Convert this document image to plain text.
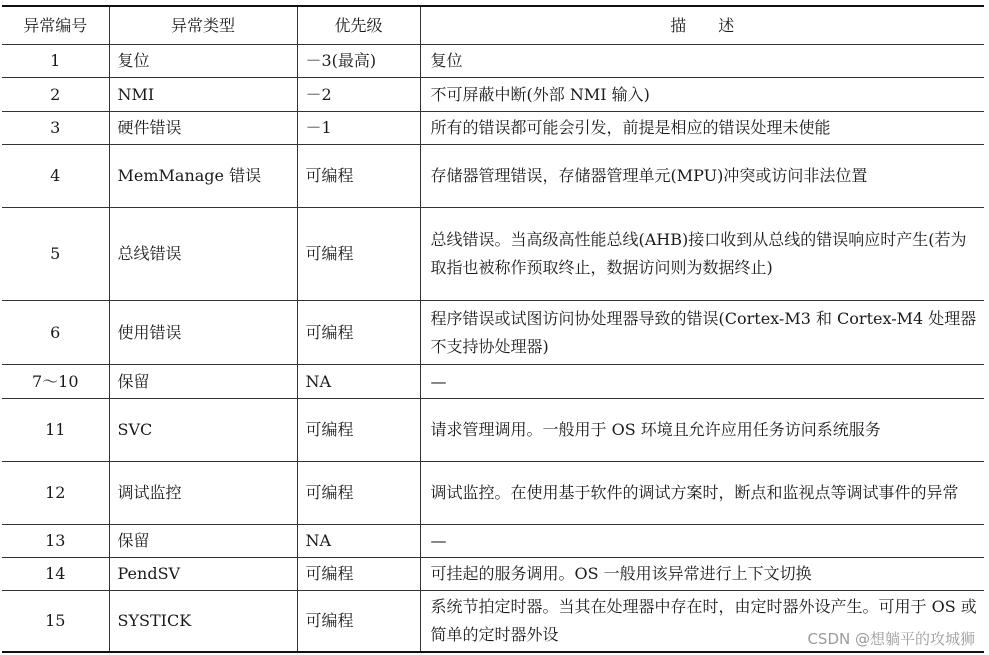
异常编号	异常类型	优先级	描　　述
1	复位	－3(最高)	复位
2	NMI	－2	不可屏蔽中断(外部 NMI 输入)
3	硬件错误	－1	所有的错误都可能会引发，前提是相应的错误处理未使能
4	MemManage 错误	可编程	存储器管理错误，存储器管理单元(MPU)冲突或访问非法位置
5	总线错误	可编程	总线错误。当高级高性能总线(AHB)接口收到从总线的错误响应时产生(若为取指也被称作预取终止，数据访问则为数据终止)
6	使用错误	可编程	程序错误或试图访问协处理器导致的错误(Cortex-M3 和 Cortex-M4 处理器不支持协处理器)
7～10	保留	NA	—
11	SVC	可编程	请求管理调用。一般用于 OS 环境且允许应用任务访问系统服务
12	调试监控	可编程	调试监控。在使用基于软件的调试方案时，断点和监视点等调试事件的异常
13	保留	NA	—
14	PendSV	可编程	可挂起的服务调用。OS 一般用该异常进行上下文切换
15	SYSTICK	可编程	系统节拍定时器。当其在处理器中存在时，由定时器外设产生。可用于 OS 或简单的定时器外设	CSDN @想躺平的攻城狮
